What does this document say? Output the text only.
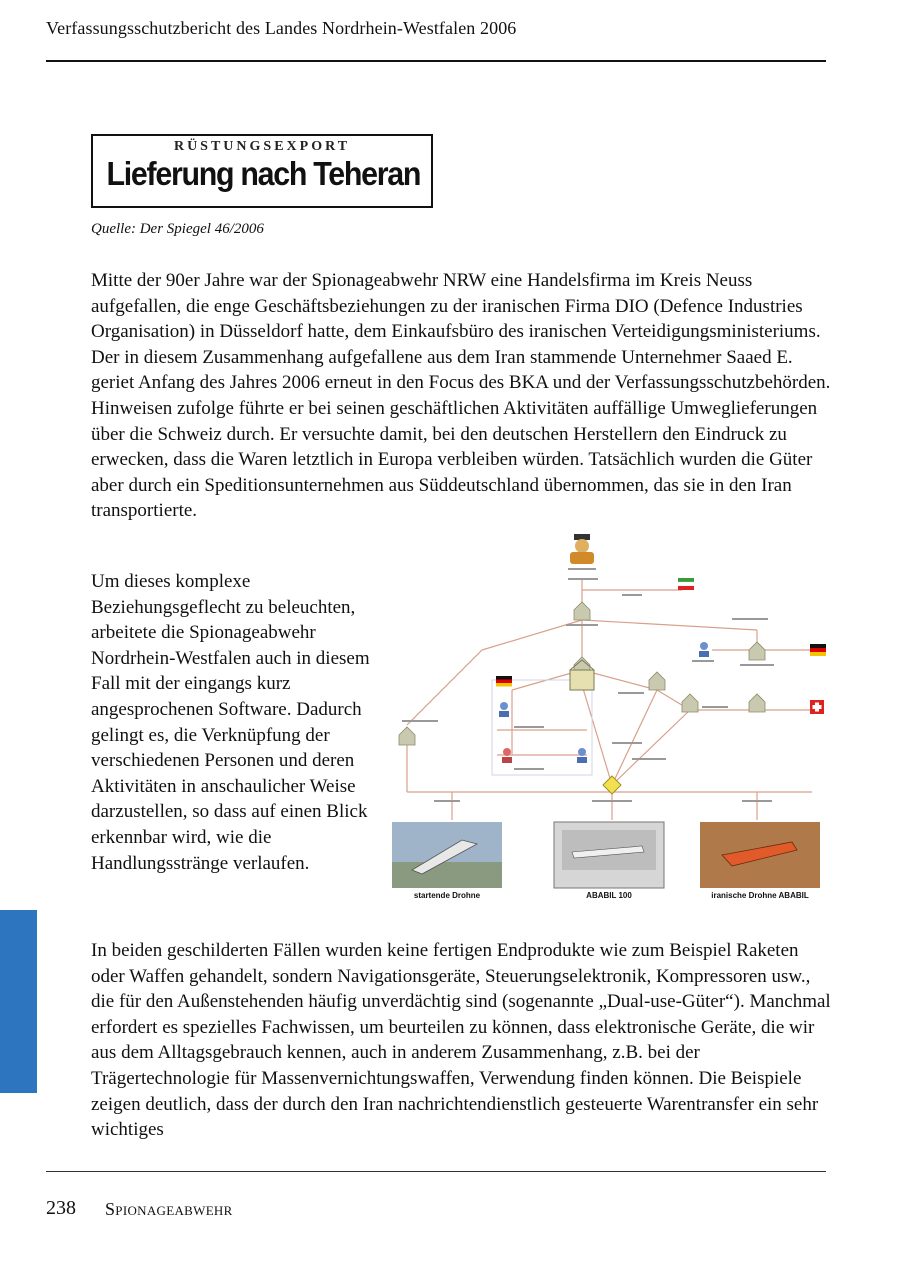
Verfassungsschutzbericht des Landes Nordrhein-Westfalen 2006
RÜSTUNGSEXPORT
Lieferung nach Teheran
Quelle: Der Spiegel 46/2006

Mitte der 90er Jahre war der Spionageabwehr NRW eine Handelsfirma im Kreis Neuss aufgefallen, die enge Geschäftsbeziehungen zu der iranischen Firma DIO (Defence Industries Organisation) in Düsseldorf hatte, dem Einkaufsbüro des iranischen Verteidigungsministeriums. Der in diesem Zusammenhang aufgefallene aus dem Iran stammende Unternehmer Saaed E. geriet Anfang des Jahres 2006 erneut in den Focus des BKA und der Verfassungsschutzbehörden. Hinweisen zufolge führte er bei seinen geschäftlichen Aktivitäten auffällige Umweglieferungen über die Schweiz durch. Er versuchte damit, bei den deutschen Herstellern den Eindruck zu erwecken, dass die Waren letztlich in Europa verbleiben würden. Tatsächlich wurden die Güter aber durch ein Speditionsunternehmen aus Süddeutschland übernommen, das sie in den Iran transportierte.

Um dieses komplexe Beziehungsgeflecht zu beleuchten, arbeitete die Spionageabwehr Nordrhein-Westfalen auch in diesem Fall mit der eingangs kurz angesprochenen Software. Dadurch gelingt es, die Verknüpfung der verschiedenen Personen und deren Aktivitäten in anschaulicher Weise darzustellen, so dass auf einen Blick erkennbar wird, wie die Handlungsstränge verlaufen.

startende Drohne	ABABIL 100	iranische Drohne ABABIL

In beiden geschilderten Fällen wurden keine fertigen Endprodukte wie zum Beispiel Raketen oder Waffen gehandelt, sondern Navigationsgeräte, Steuerungselektronik, Kompressoren usw., die für den Außenstehenden häufig unverdächtig sind (sogenannte „Dual-use-Güter“). Manchmal erfordert es spezielles Fachwissen, um beurteilen zu können, dass elektronische Geräte, die wir aus dem Alltagsgebrauch kennen, auch in anderem Zusammenhang, z.B. bei der Trägertechnologie für Massenvernichtungswaffen, Verwendung finden können. Die Beispiele zeigen deutlich, dass der durch den Iran nachrichtendienstlich gesteuerte Warentransfer ein sehr wichtiges

238 Spionageabwehr
